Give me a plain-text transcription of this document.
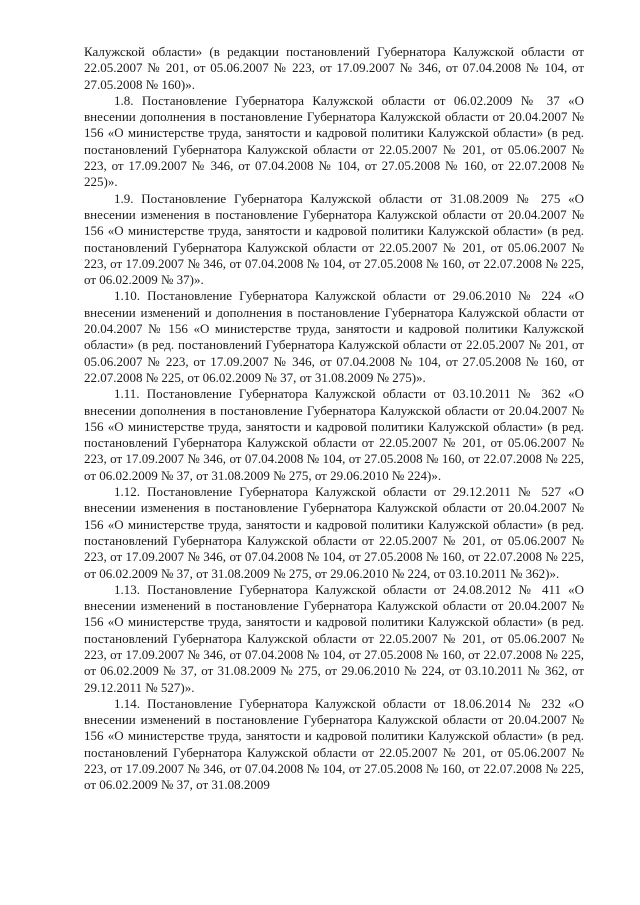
Калужской области» (в редакции постановлений Губернатора Калужской области от 22.05.2007 № 201, от 05.06.2007 № 223, от 17.09.2007 № 346, от 07.04.2008 № 104, от 27.05.2008 № 160)».

1.8. Постановление Губернатора Калужской области от 06.02.2009 № 37 «О внесении дополнения в постановление Губернатора Калужской области от 20.04.2007 № 156 «О министерстве труда, занятости и кадровой политики Калужской области» (в ред. постановлений Губернатора Калужской области от 22.05.2007 № 201, от 05.06.2007 № 223, от 17.09.2007 № 346, от 07.04.2008 № 104, от 27.05.2008 № 160, от 22.07.2008 № 225)».

1.9. Постановление Губернатора Калужской области от 31.08.2009 № 275 «О внесении изменения в постановление Губернатора Калужской области от 20.04.2007 № 156 «О министерстве труда, занятости и кадровой политики Калужской области» (в ред. постановлений Губернатора Калужской области от 22.05.2007 № 201, от 05.06.2007 № 223, от 17.09.2007 № 346, от 07.04.2008 № 104, от 27.05.2008 № 160, от 22.07.2008 № 225, от 06.02.2009 № 37)».

1.10. Постановление Губернатора Калужской области от 29.06.2010 № 224 «О внесении изменений и дополнения в постановление Губернатора Калужской области от 20.04.2007 № 156 «О министерстве труда, занятости и кадровой политики Калужской области» (в ред. постановлений Губернатора Калужской области от 22.05.2007 № 201, от 05.06.2007 № 223, от 17.09.2007 № 346, от 07.04.2008 № 104, от 27.05.2008 № 160, от 22.07.2008 № 225, от 06.02.2009 № 37, от 31.08.2009 № 275)».

1.11. Постановление Губернатора Калужской области от 03.10.2011 № 362 «О внесении дополнения в постановление Губернатора Калужской области от 20.04.2007 № 156 «О министерстве труда, занятости и кадровой политики Калужской области» (в ред. постановлений Губернатора Калужской области от 22.05.2007 № 201, от 05.06.2007 № 223, от 17.09.2007 № 346, от 07.04.2008 № 104, от 27.05.2008 № 160, от 22.07.2008 № 225, от 06.02.2009 № 37, от 31.08.2009 № 275, от 29.06.2010 № 224)».

1.12. Постановление Губернатора Калужской области от 29.12.2011 № 527 «О внесении изменения в постановление Губернатора Калужской области от 20.04.2007 № 156 «О министерстве труда, занятости и кадровой политики Калужской области» (в ред. постановлений Губернатора Калужской области от 22.05.2007 № 201, от 05.06.2007 № 223, от 17.09.2007 № 346, от 07.04.2008 № 104, от 27.05.2008 № 160, от 22.07.2008 № 225, от 06.02.2009 № 37, от 31.08.2009 № 275, от 29.06.2010 № 224, от 03.10.2011 № 362)».

1.13. Постановление Губернатора Калужской области от 24.08.2012 № 411 «О внесении изменений в постановление Губернатора Калужской области от 20.04.2007 № 156 «О министерстве труда, занятости и кадровой политики Калужской области» (в ред. постановлений Губернатора Калужской области от 22.05.2007 № 201, от 05.06.2007 № 223, от 17.09.2007 № 346, от 07.04.2008 № 104, от 27.05.2008 № 160, от 22.07.2008 № 225, от 06.02.2009 № 37, от 31.08.2009 № 275, от 29.06.2010 № 224, от 03.10.2011 № 362, от 29.12.2011 № 527)».

1.14. Постановление Губернатора Калужской области от 18.06.2014 № 232 «О внесении изменений в постановление Губернатора Калужской области от 20.04.2007 № 156 «О министерстве труда, занятости и кадровой политики Калужской области» (в ред. постановлений Губернатора Калужской области от 22.05.2007 № 201, от 05.06.2007 № 223, от 17.09.2007 № 346, от 07.04.2008 № 104, от 27.05.2008 № 160, от 22.07.2008 № 225, от 06.02.2009 № 37, от 31.08.2009
